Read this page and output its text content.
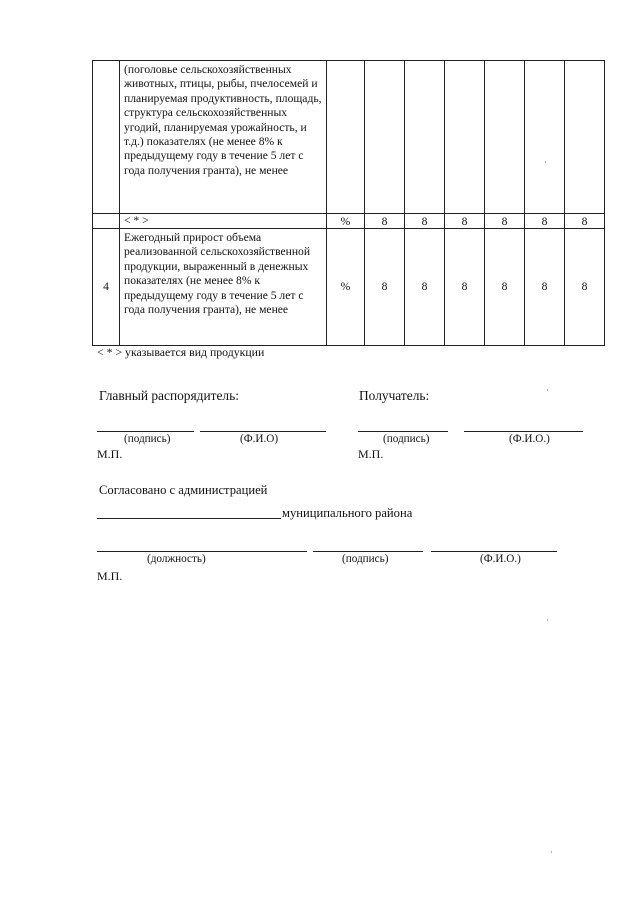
	(поголовье сельскохозяйственных животных, птицы, рыбы, пчелосемей и планируемая продуктивность, площадь, структура сельскохозяйственных угодий, планируемая урожайность, и т.д.) показателях (не менее 8% к предыдущему году в течение 5 лет с года получения гранта), не менее							
	< * >	%	8	8	8	8	8	8
4	Ежегодный прирост объема реализованной сельскохозяйственной продукции, выраженный в денежных показателях (не менее 8% к предыдущему году в течение 5 лет с года получения гранта), не менее	%	8	8	8	8	8	8
< * > указывается вид продукции
Главный распорядитель:
(подпись)	(Ф.И.О)
М.П.
Получатель:
(подпись)	(Ф.И.О.)
М.П.
Согласовано с администрацией
муниципального района
(должность)	(подпись)	(Ф.И.О.)
М.П.
˙
˙
˙
˙
